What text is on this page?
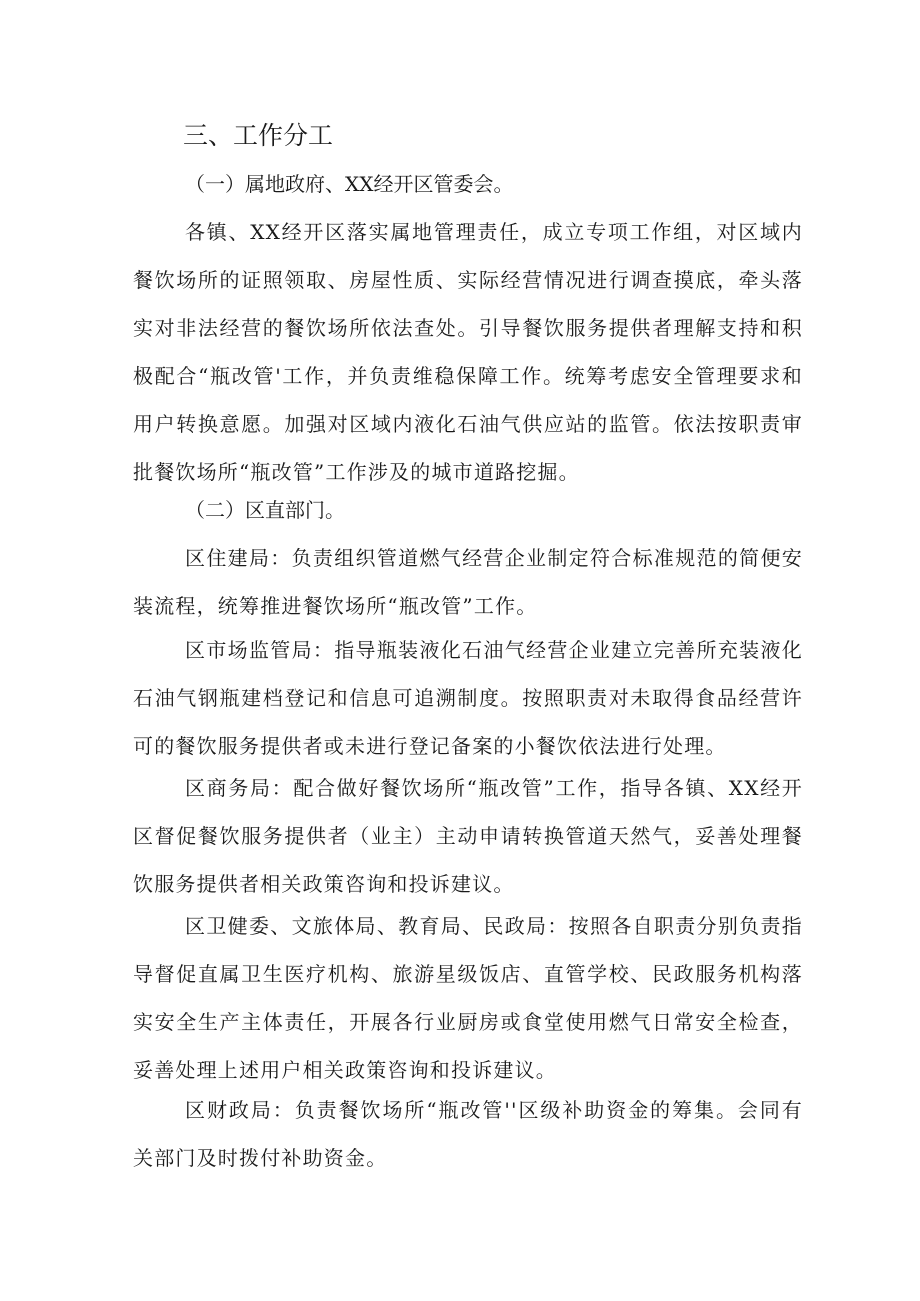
三、工作分工

（一）属地政府、XX经开区管委会。

各镇、XX经开区落实属地管理责任，成立专项工作组，对区域内餐饮场所的证照领取、房屋性质、实际经营情况进行调查摸底，牵头落实对非法经营的餐饮场所依法查处。引导餐饮服务提供者理解支持和积极配合“瓶改管'工作，并负责维稳保障工作。统筹考虑安全管理要求和用户转换意愿。加强对区域内液化石油气供应站的监管。依法按职责审批餐饮场所“瓶改管”工作涉及的城市道路挖掘。

（二）区直部门。

区住建局：负责组织管道燃气经营企业制定符合标准规范的简便安装流程，统筹推进餐饮场所“瓶改管”工作。

区市场监管局：指导瓶装液化石油气经营企业建立完善所充装液化石油气钢瓶建档登记和信息可追溯制度。按照职责对未取得食品经营许可的餐饮服务提供者或未进行登记备案的小餐饮依法进行处理。

区商务局：配合做好餐饮场所“瓶改管”工作，指导各镇、XX经开区督促餐饮服务提供者（业主）主动申请转换管道天然气，妥善处理餐饮服务提供者相关政策咨询和投诉建议。

区卫健委、文旅体局、教育局、民政局：按照各自职责分别负责指导督促直属卫生医疗机构、旅游星级饭店、直管学校、民政服务机构落实安全生产主体责任，开展各行业厨房或食堂使用燃气日常安全检查，妥善处理上述用户相关政策咨询和投诉建议。

区财政局：负责餐饮场所“瓶改管''区级补助资金的筹集。会同有关部门及时拨付补助资金。
